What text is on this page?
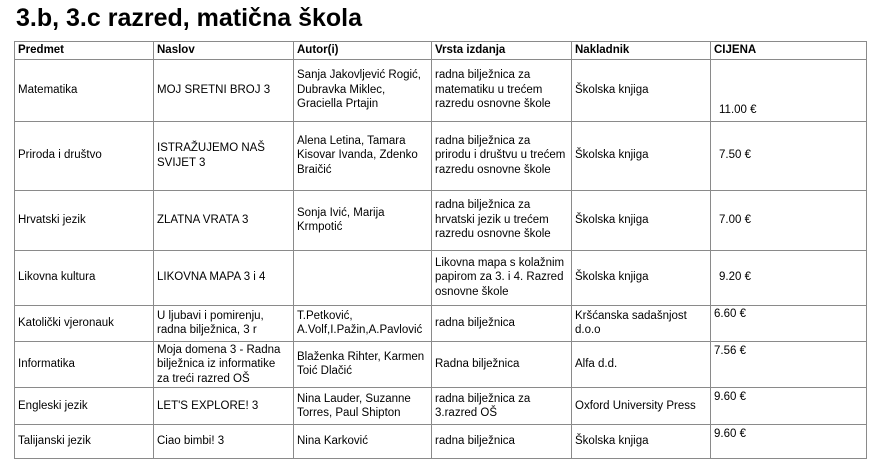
3.b, 3.c razred, matična škola
Predmet	Naslov	Autor(i)	Vrsta izdanja	Nakladnik	CIJENA
Matematika	MOJ SRETNI BROJ 3	Sanja Jakovljević Rogić,
Dubravka Miklec,
Graciella Prtajin	radna bilježnica za
matematiku u trećem
razredu osnovne škole	Školska knjiga	11.00 €
Priroda i društvo	ISTRAŽUJEMO NAŠ
SVIJET 3	Alena Letina, Tamara
Kisovar Ivanda, Zdenko
Braičić	radna bilježnica za
prirodu i društvu u trećem
razredu osnovne škole	Školska knjiga	7.50 €
Hrvatski jezik	ZLATNA VRATA 3	Sonja Ivić, Marija
Krmpotić	radna bilježnica za
hrvatski jezik u trećem
razredu osnovne škole	Školska knjiga	7.00 €
Likovna kultura	LIKOVNA MAPA 3 i 4		Likovna mapa s kolažnim
papirom za 3. i 4. Razred
osnovne škole	Školska knjiga	9.20 €
Katolički vjeronauk	U ljubavi i pomirenju,
radna bilježnica, 3 r	T.Petković,
A.Volf,I.Pažin,A.Pavlović	radna bilježnica	Kršćanska sadašnjost
d.o.o	6.60 €
Informatika	Moja domena 3 - Radna
bilježnica iz informatike
za treći razred OŠ	Blaženka Rihter, Karmen
Toić Dlačić	Radna bilježnica	Alfa d.d.	7.56 €
Engleski jezik	LET'S EXPLORE! 3	Nina Lauder, Suzanne
Torres, Paul Shipton	radna bilježnica za
3.razred OŠ	Oxford University Press	9.60 €
Talijanski jezik	Ciao bimbi! 3	Nina Karković	radna bilježnica	Školska knjiga	9.60 €
